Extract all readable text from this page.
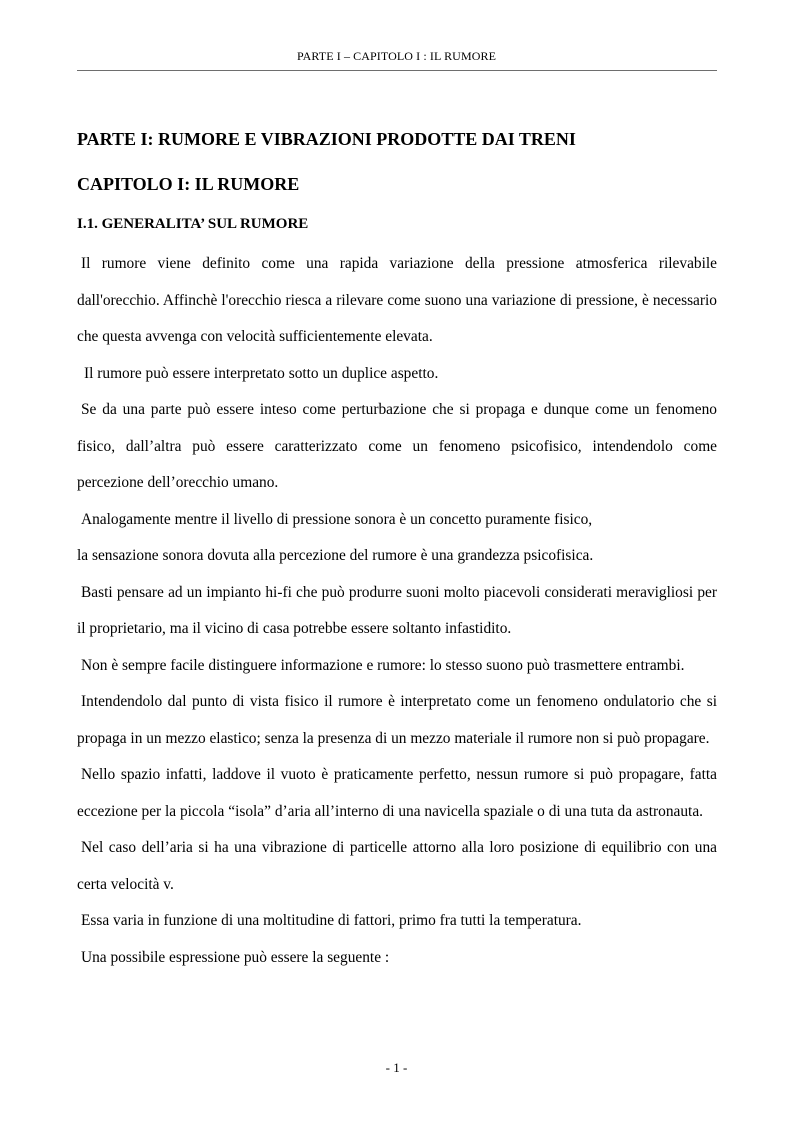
PARTE I – CAPITOLO I : IL RUMORE
PARTE I: RUMORE E VIBRAZIONI PRODOTTE DAI TRENI
CAPITOLO I: IL RUMORE
I.1. GENERALITA’ SUL RUMORE
Il rumore viene definito come una rapida variazione della pressione atmosferica rilevabile dall'orecchio. Affinchè l'orecchio riesca a rilevare come suono una variazione di pressione, è necessario che questa avvenga con velocità sufficientemente elevata.
Il rumore può essere interpretato sotto un duplice aspetto.
Se da una parte può essere inteso come perturbazione che si propaga e dunque come un fenomeno fisico, dall’altra può essere caratterizzato come un fenomeno psicofisico, intendendolo come percezione dell’orecchio umano.
Analogamente mentre il livello di pressione sonora è un concetto puramente fisico,
la sensazione sonora dovuta alla percezione del rumore è una grandezza psicofisica.
Basti pensare ad un impianto hi-fi che può produrre suoni molto piacevoli considerati meravigliosi per il proprietario, ma il vicino di casa potrebbe essere soltanto infastidito.
Non è sempre facile distinguere informazione e rumore: lo stesso suono può trasmettere entrambi.
Intendendolo dal punto di vista fisico il rumore è interpretato come un fenomeno ondulatorio che si propaga in un mezzo elastico; senza la presenza di un mezzo materiale il rumore non si può propagare.
Nello spazio infatti, laddove il vuoto è praticamente perfetto, nessun rumore si può propagare, fatta eccezione per la piccola “isola” d’aria all’interno di una navicella spaziale o di una tuta da astronauta.
Nel caso dell’aria si ha una vibrazione di particelle attorno alla loro posizione di equilibrio con una certa velocità v.
Essa varia in funzione di una moltitudine di fattori, primo fra tutti la temperatura.
Una possibile espressione può essere la seguente :
- 1 -
